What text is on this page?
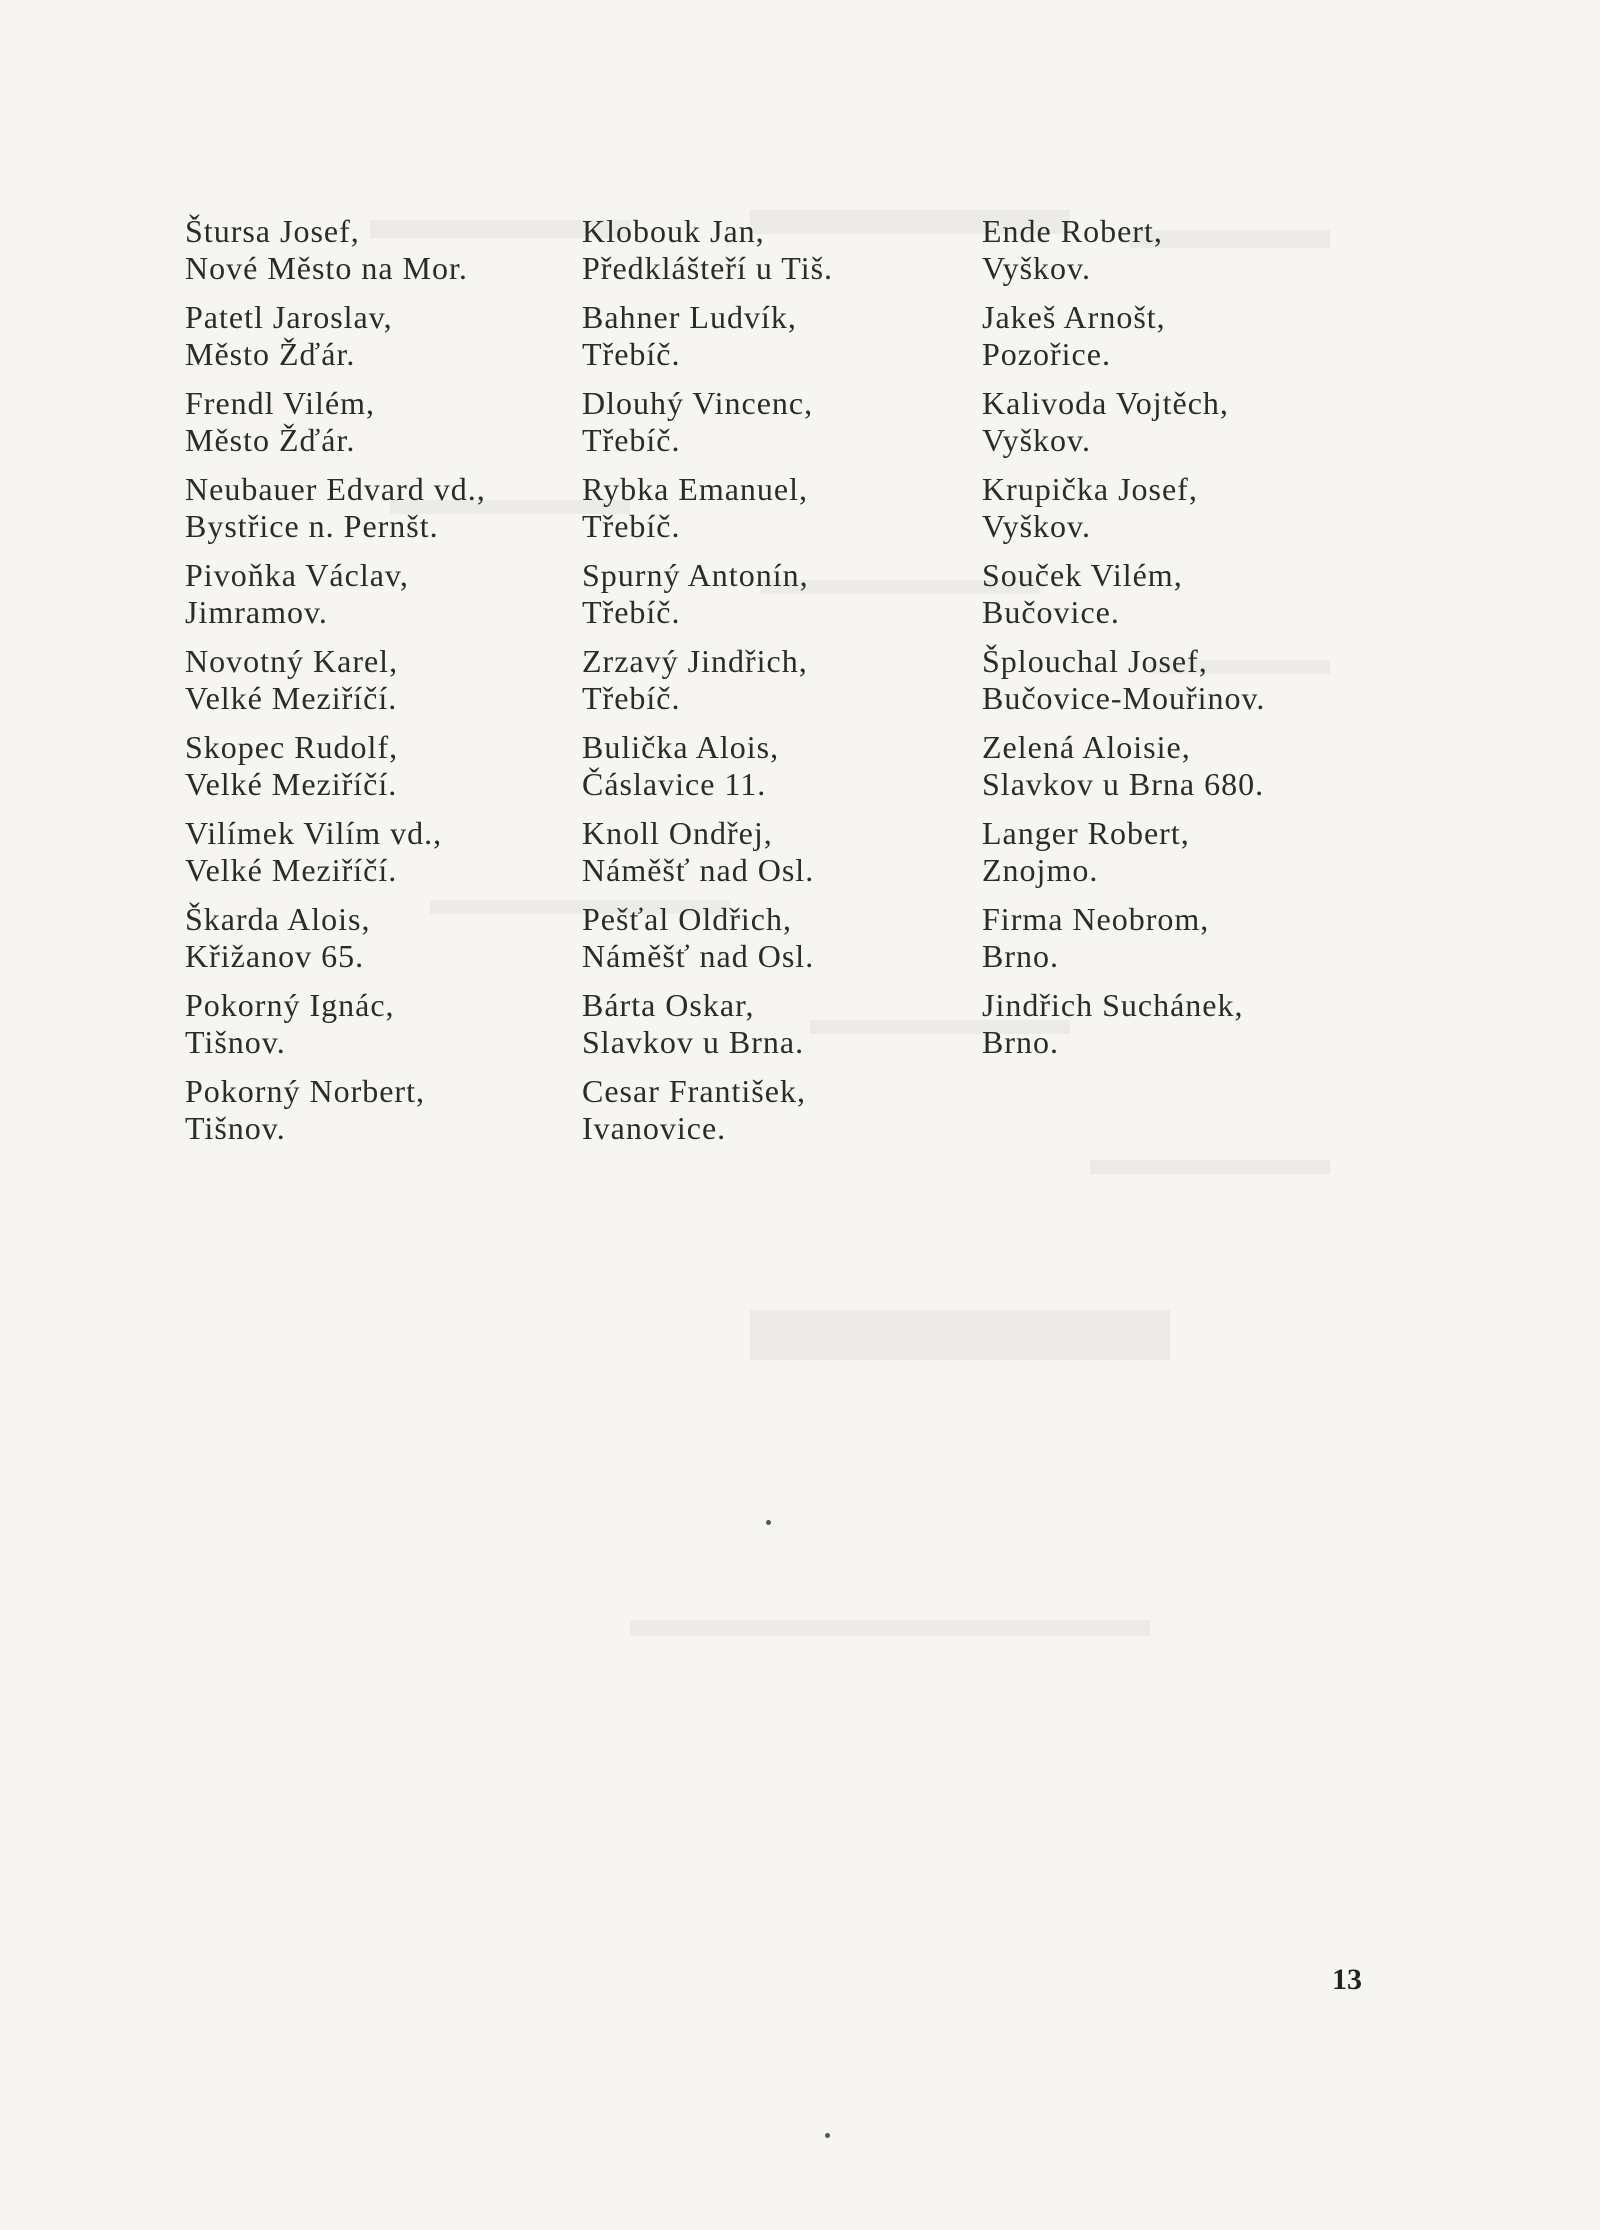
Štursa Josef,
Nové Město na Mor.
Patetl Jaroslav,
Město Žďár.
Frendl Vilém,
Město Žďár.
Neubauer Edvard vd.,
Bystřice n. Pernšt.
Pivoňka Václav,
Jimramov.
Novotný Karel,
Velké Meziříčí.
Skopec Rudolf,
Velké Meziříčí.
Vilímek Vilím vd.,
Velké Meziříčí.
Škarda Alois,
Křižanov 65.
Pokorný Ignác,
Tišnov.
Pokorný Norbert,
Tišnov.
Klobouk Jan,
Předklášteří u Tiš.
Bahner Ludvík,
Třebíč.
Dlouhý Vincenc,
Třebíč.
Rybka Emanuel,
Třebíč.
Spurný Antonín,
Třebíč.
Zrzavý Jindřich,
Třebíč.
Bulička Alois,
Čáslavice 11.
Knoll Ondřej,
Náměšť nad Osl.
Pešťal Oldřich,
Náměšť nad Osl.
Bárta Oskar,
Slavkov u Brna.
Cesar František,
Ivanovice.
Ende Robert,
Vyškov.
Jakeš Arnošt,
Pozořice.
Kalivoda Vojtěch,
Vyškov.
Krupička Josef,
Vyškov.
Souček Vilém,
Bučovice.
Šplouchal Josef,
Bučovice-Mouřinov.
Zelená Aloisie,
Slavkov u Brna 680.
Langer Robert,
Znojmo.
Firma Neobrom,
Brno.
Jindřich Suchánek,
Brno.
13
